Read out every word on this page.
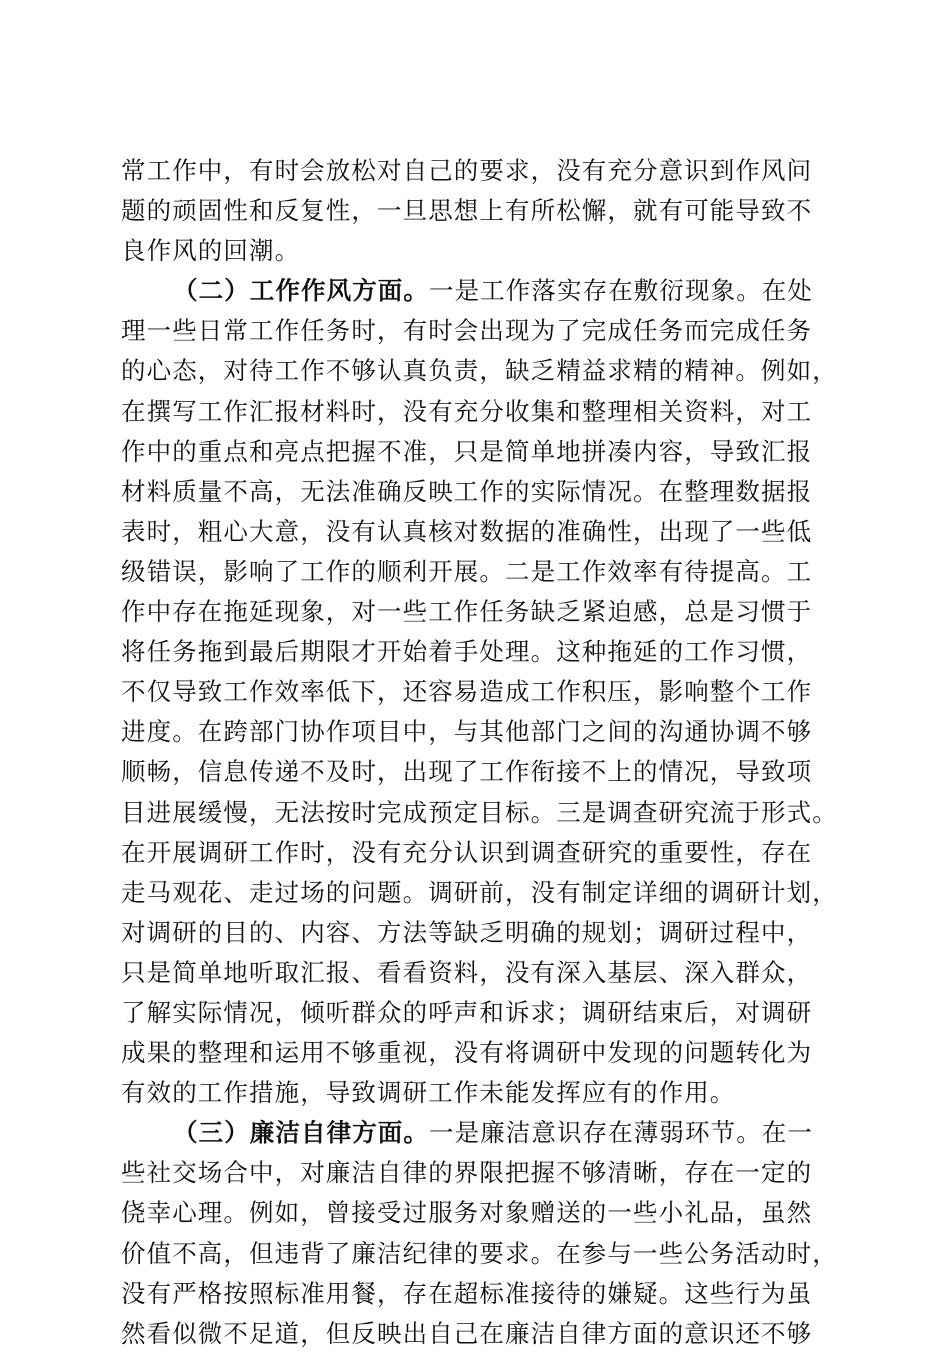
常工作中，有时会放松对自己的要求，没有充分意识到作风问
题的顽固性和反复性，一旦思想上有所松懈，就有可能导致不
良作风的回潮。
（二）工作作风方面。一是工作落实存在敷衍现象。在处
理一些日常工作任务时，有时会出现为了完成任务而完成任务
的心态，对待工作不够认真负责，缺乏精益求精的精神。例如，
在撰写工作汇报材料时，没有充分收集和整理相关资料，对工
作中的重点和亮点把握不准，只是简单地拼凑内容，导致汇报
材料质量不高，无法准确反映工作的实际情况。在整理数据报
表时，粗心大意，没有认真核对数据的准确性，出现了一些低
级错误，影响了工作的顺利开展。二是工作效率有待提高。工
作中存在拖延现象，对一些工作任务缺乏紧迫感，总是习惯于
将任务拖到最后期限才开始着手处理。这种拖延的工作习惯，
不仅导致工作效率低下，还容易造成工作积压，影响整个工作
进度。在跨部门协作项目中，与其他部门之间的沟通协调不够
顺畅，信息传递不及时，出现了工作衔接不上的情况，导致项
目进展缓慢，无法按时完成预定目标。三是调查研究流于形式。
在开展调研工作时，没有充分认识到调查研究的重要性，存在
走马观花、走过场的问题。调研前，没有制定详细的调研计划，
对调研的目的、内容、方法等缺乏明确的规划；调研过程中，
只是简单地听取汇报、看看资料，没有深入基层、深入群众，
了解实际情况，倾听群众的呼声和诉求；调研结束后，对调研
成果的整理和运用不够重视，没有将调研中发现的问题转化为
有效的工作措施，导致调研工作未能发挥应有的作用。
（三）廉洁自律方面。一是廉洁意识存在薄弱环节。在一
些社交场合中，对廉洁自律的界限把握不够清晰，存在一定的
侥幸心理。例如，曾接受过服务对象赠送的一些小礼品，虽然
价值不高，但违背了廉洁纪律的要求。在参与一些公务活动时，
没有严格按照标准用餐，存在超标准接待的嫌疑。这些行为虽
然看似微不足道，但反映出自己在廉洁自律方面的意识还不够
